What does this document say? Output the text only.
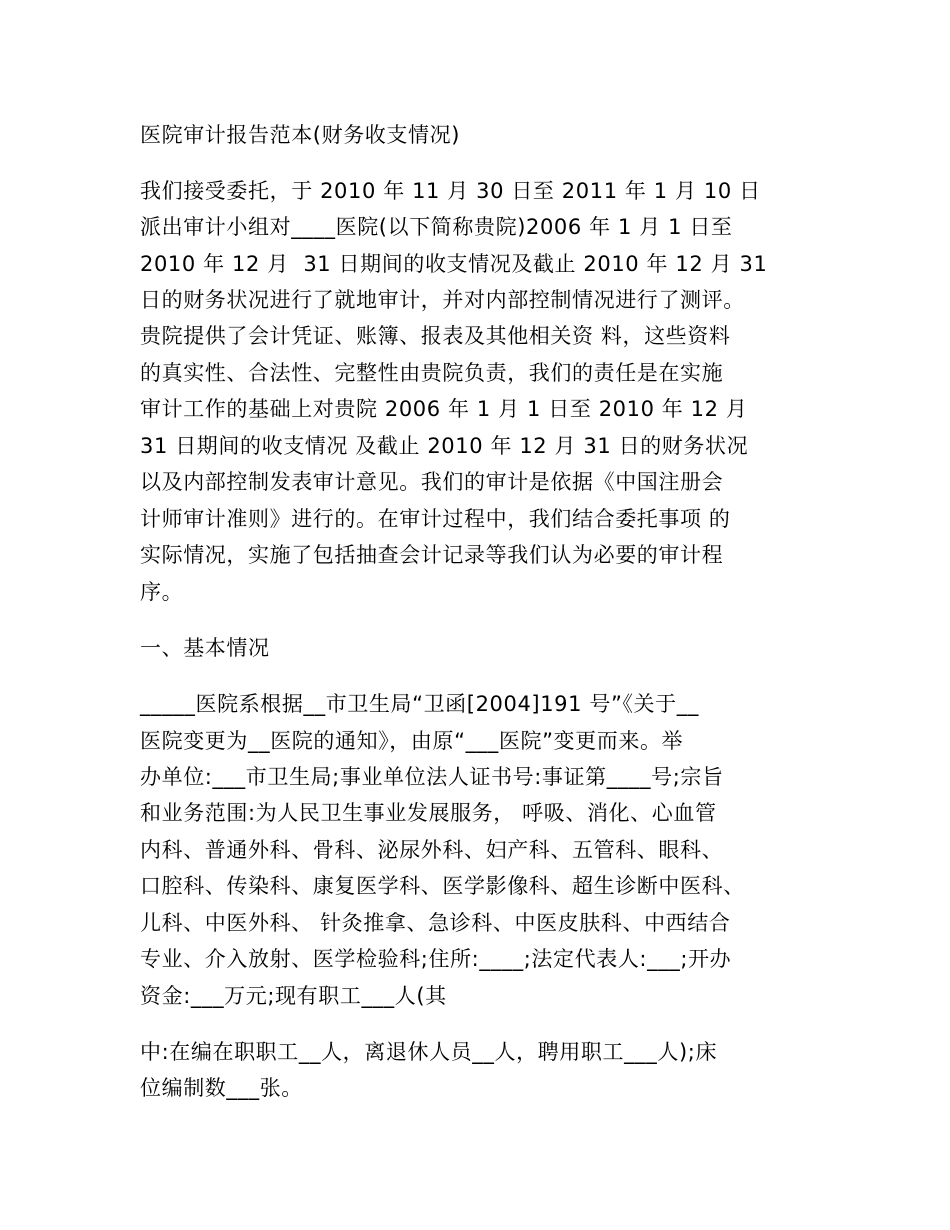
医院审计报告范本(财务收支情况)
我们接受委托，于 2010 年 11 月 30 日至 2011 年 1 月 10 日
派出审计小组对____医院(以下简称贵院)2006 年 1 月 1 日至
2010 年 12 月  31 日期间的收支情况及截止 2010 年 12 月 31
日的财务状况进行了就地审计，并对内部控制情况进行了测评。
贵院提供了会计凭证、账簿、报表及其他相关资 料，这些资料
的真实性、合法性、完整性由贵院负责，我们的责任是在实施
审计工作的基础上对贵院 2006 年 1 月 1 日至 2010 年 12 月
31 日期间的收支情况 及截止 2010 年 12 月 31 日的财务状况
以及内部控制发表审计意见。我们的审计是依据《中国注册会
计师审计准则》进行的。在审计过程中，我们结合委托事项 的
实际情况，实施了包括抽查会计记录等我们认为必要的审计程
序。
一、基本情况
_____医院系根据__市卫生局“卫函[2004]191 号”《关于__
医院变更为__医院的通知》，由原“___医院”变更而来。举
办单位:___市卫生局;事业单位法人证书号:事证第____号;宗旨
和业务范围:为人民卫生事业发展服务， 呼吸、消化、心血管
内科、普通外科、骨科、泌尿外科、妇产科、五管科、眼科、
口腔科、传染科、康复医学科、医学影像科、超生诊断中医科、
儿科、中医外科、 针灸推拿、急诊科、中医皮肤科、中西结合
专业、介入放射、医学检验科;住所:____;法定代表人:___;开办
资金:___万元;现有职工___人(其
中:在编在职职工__人，离退休人员__人，聘用职工___人);床
位编制数___张。
